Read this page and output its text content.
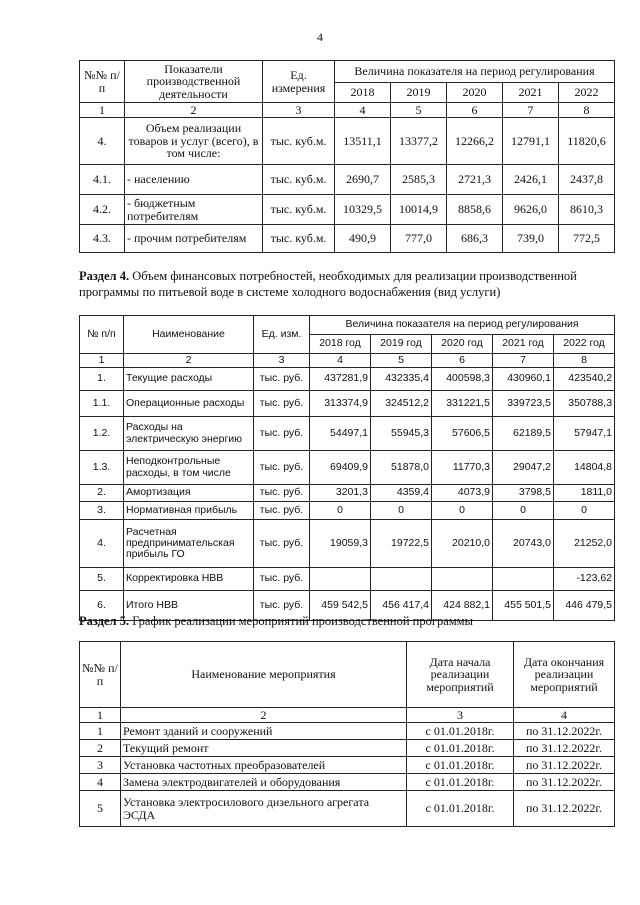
4
№№ п/п	Показатели производственной деятельности	Ед. измерения	Величина показателя на период регулирования				
			2018	2019	2020	2021	2022
1	2	3	4	5	6	7	8
4.	Объем реализации товаров и услуг (всего), в том числе:	тыс. куб.м.	13511,1	13377,2	12266,2	12791,1	11820,6
4.1.	- населению	тыс. куб.м.	2690,7	2585,3	2721,3	2426,1	2437,8
4.2.	- бюджетным потребителям	тыс. куб.м.	10329,5	10014,9	8858,6	9626,0	8610,3
4.3.	- прочим потребителям	тыс. куб.м.	490,9	777,0	686,3	739,0	772,5
Раздел 4. Объем финансовых потребностей, необходимых для реализации производственной программы по питьевой воде в системе холодного водоснабжения (вид услуги)
№ п/п	Наименование	Ед. изм.	Величина показателя на период регулирования				
			2018 год	2019 год	2020 год	2021 год	2022 год
1	2	3	4	5	6	7	8
1.	Текущие расходы	тыс. руб.	437281,9	432335,4	400598,3	430960,1	423540,2
1.1.	Операционные расходы	тыс. руб.	313374,9	324512,2	331221,5	339723,5	350788,3
1.2.	Расходы на электрическую энергию	тыс. руб.	54497,1	55945,3	57606,5	62189,5	57947,1
1.3.	Неподконтрольные расходы, в том числе	тыс. руб.	69409,9	51878,0	11770,3	29047,2	14804,8
2.	Амортизация	тыс. руб.	3201,3	4359,4	4073,9	3798,5	1811,0
3.	Нормативная прибыль	тыс. руб.	0	0	0	0	0
4.	Расчетная предпринимательская прибыль ГО	тыс. руб.	19059,3	19722,5	20210,0	20743,0	21252,0
5.	Корректировка НВВ	тыс. руб.					-123,62
6.	Итого НВВ	тыс. руб.	459 542,5	456 417,4	424 882,1	455 501,5	446 479,5
Раздел 5. График реализации мероприятий производственной программы
№№ п/п	Наименование мероприятия	Дата начала реализации мероприятий	Дата окончания реализации мероприятий
1	2	3	4
1	Ремонт зданий и сооружений	с 01.01.2018г.	по 31.12.2022г.
2	Текущий ремонт	с 01.01.2018г.	по 31.12.2022г.
3	Установка частотных преобразователей	с 01.01.2018г.	по 31.12.2022г.
4	Замена электродвигателей и оборудования	с 01.01.2018г.	по 31.12.2022г.
5	Установка электросилового дизельного агрегата ЭСДА	с 01.01.2018г.	по 31.12.2022г.
